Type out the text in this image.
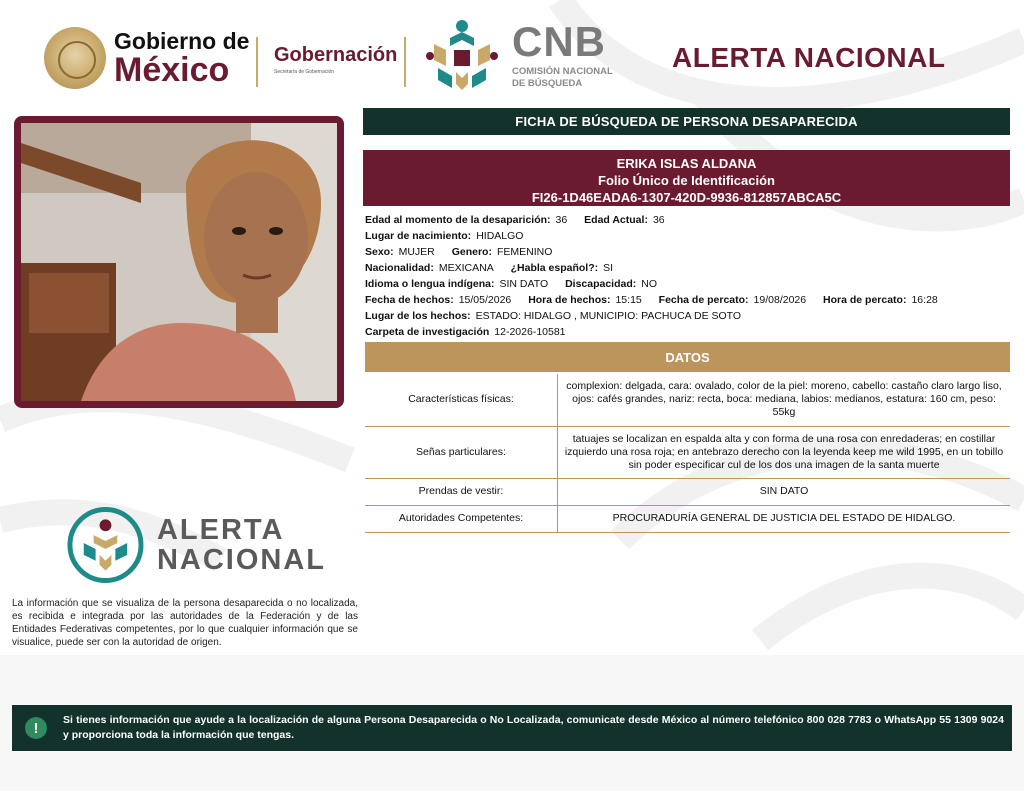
Gobierno de
México	Gobernación
Secretaría de Gobernación
CNB
COMISIÓN NACIONAL
DE BÚSQUEDA
ALERTA NACIONAL
FICHA DE BÚSQUEDA DE PERSONA DESAPARECIDA
ERIKA ISLAS ALDANA
Folio Único de Identificación
FI26-1D46EADA6-1307-420D-9936-812857ABCA5C
Edad al momento de la desaparición: 36 Edad Actual: 36
Lugar de nacimiento: HIDALGO
Sexo: MUJER Genero: FEMENINO
Nacionalidad: MEXICANA ¿Habla español?: SI
Idioma o lengua indígena: SIN DATO Discapacidad: NO
Fecha de hechos: 15/05/2026 Hora de hechos: 15:15 Fecha de percato: 19/08/2026 Hora de percato: 16:28
Lugar de los hechos: ESTADO: HIDALGO , MUNICIPIO: PACHUCA DE SOTO
Carpeta de investigación 12-2026-10581
DATOS
Características físicas:	complexion: delgada, cara: ovalado, color de la piel: moreno, cabello: castaño claro largo liso, ojos: cafés grandes, nariz: recta, boca: mediana, labios: medianos, estatura: 160 cm, peso: 55kg
Señas particulares:	tatuajes se localizan en espalda alta y con forma de una rosa con enredaderas; en costillar izquierdo una rosa roja; en antebrazo derecho con la leyenda keep me wild 1995, en un tobillo sin poder especificar cul de los dos una imagen de la santa muerte
Prendas de vestir:	SIN DATO
Autoridades Competentes:	PROCURADURÍA GENERAL DE JUSTICIA DEL ESTADO DE HIDALGO.
ALERTA
NACIONAL
La información que se visualiza de la persona desaparecida o no localizada, es recibida e integrada por las autoridades de la Federación y de las Entidades Federativas competentes, por lo que cualquier información que se visualice, puede ser con la autoridad de origen.
!	Si tienes información que ayude a la localización de alguna Persona Desaparecida o No Localizada, comunicate desde México al número telefónico 800 028 7783 o WhatsApp 55 1309 9024 y proporciona toda la información que tengas.
